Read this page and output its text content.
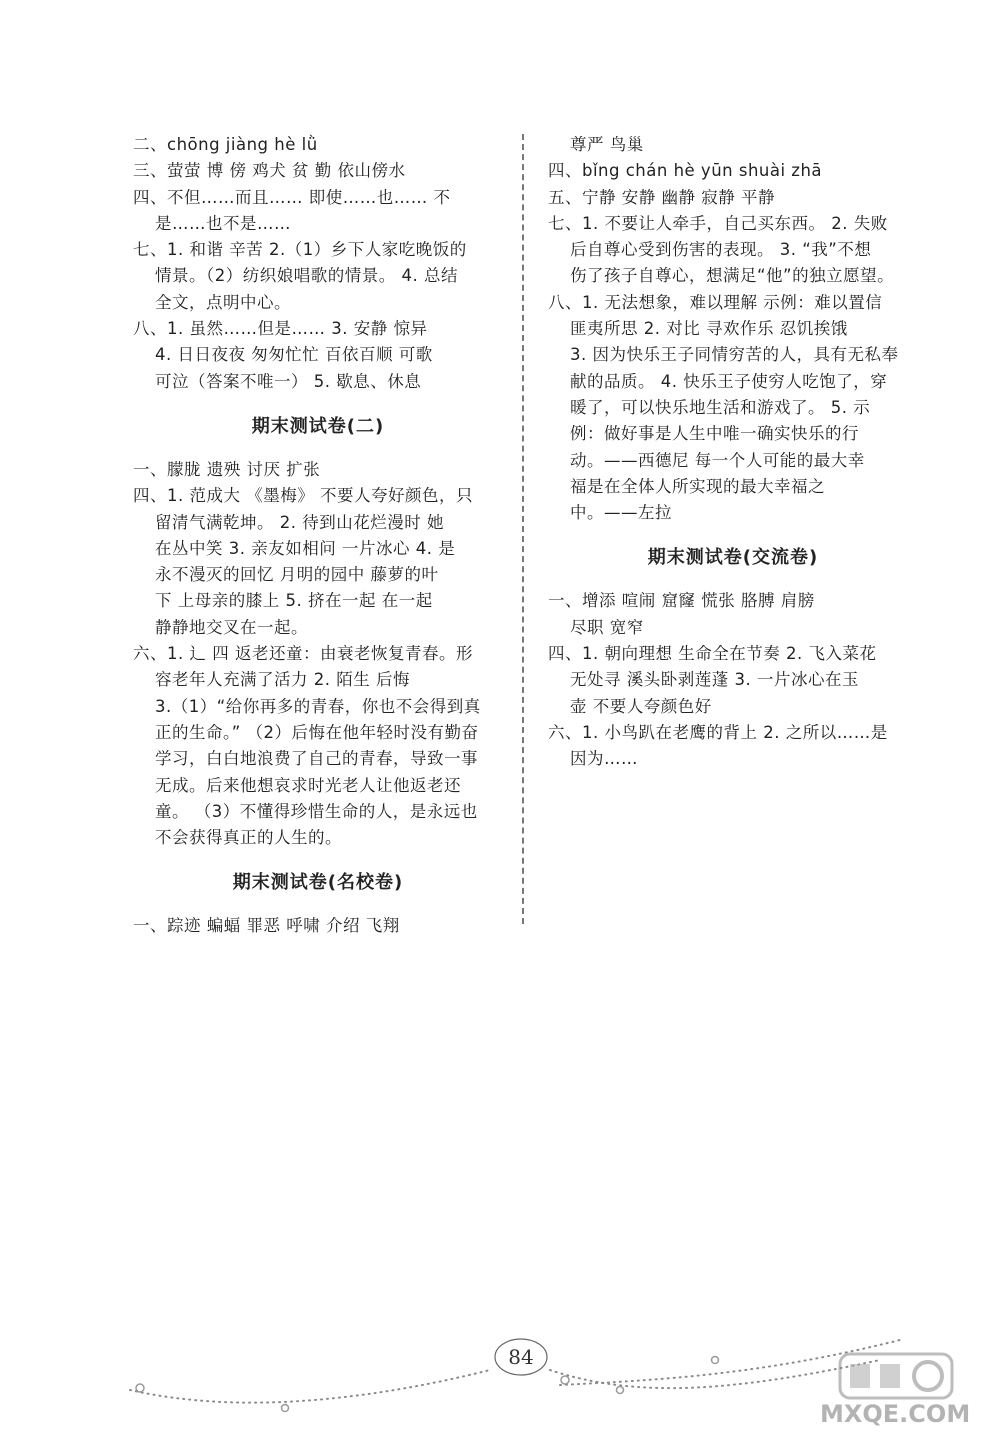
二、chōng jiàng hè lǜ
三、萤萤 博 傍 鸡犬 贫 勤 依山傍水
四、不但……而且…… 即使……也…… 不
是……也不是……
七、1. 和谐 辛苦 2.（1）乡下人家吃晚饭的
情景。（2）纺织娘唱歌的情景。 4. 总结
全文，点明中心。
八、1. 虽然……但是…… 3. 安静 惊异
4. 日日夜夜 匆匆忙忙 百依百顺 可歌
可泣（答案不唯一） 5. 歇息、休息
期末测试卷(二)
一、朦胧 遗殃 讨厌 扩张
四、1. 范成大 《墨梅》 不要人夸好颜色，只
留清气满乾坤。 2. 待到山花烂漫时 她
在丛中笑 3. 亲友如相问 一片冰心 4. 是
永不漫灭的回忆 月明的园中 藤萝的叶
下 上母亲的膝上 5. 挤在一起 在一起
静静地交叉在一起。
六、1. 辶 四 返老还童：由衰老恢复青春。形
容老年人充满了活力 2. 陌生 后悔
3.（1）“给你再多的青春，你也不会得到真
正的生命。” （2）后悔在他年轻时没有勤奋
学习，白白地浪费了自己的青春，导致一事
无成。后来他想哀求时光老人让他返老还
童。 （3）不懂得珍惜生命的人，是永远也
不会获得真正的人生的。
期末测试卷(名校卷)
一、踪迹 蝙蝠 罪恶 呼啸 介绍 飞翔
尊严 鸟巢
四、bǐng chán hè yūn shuài zhā
五、宁静 安静 幽静 寂静 平静
七、1. 不要让人牵手，自己买东西。 2. 失败
后自尊心受到伤害的表现。 3. “我”不想
伤了孩子自尊心，想满足“他”的独立愿望。
八、1. 无法想象，难以理解 示例：难以置信
匪夷所思 2. 对比 寻欢作乐 忍饥挨饿
3. 因为快乐王子同情穷苦的人，具有无私奉
献的品质。 4. 快乐王子使穷人吃饱了，穿
暖了，可以快乐地生活和游戏了。 5. 示
例：做好事是人生中唯一确实快乐的行
动。——西德尼 每一个人可能的最大幸
福是在全体人所实现的最大幸福之
中。——左拉
期末测试卷(交流卷)
一、增添 喧闹 窟窿 慌张 胳膊 肩膀
尽职 宽窄
四、1. 朝向理想 生命全在节奏 2. 飞入菜花
无处寻 溪头卧剥莲蓬 3. 一片冰心在玉
壶 不要人夸颜色好
六、1. 小鸟趴在老鹰的背上 2. 之所以……是
因为……
84
MXQE.COM
